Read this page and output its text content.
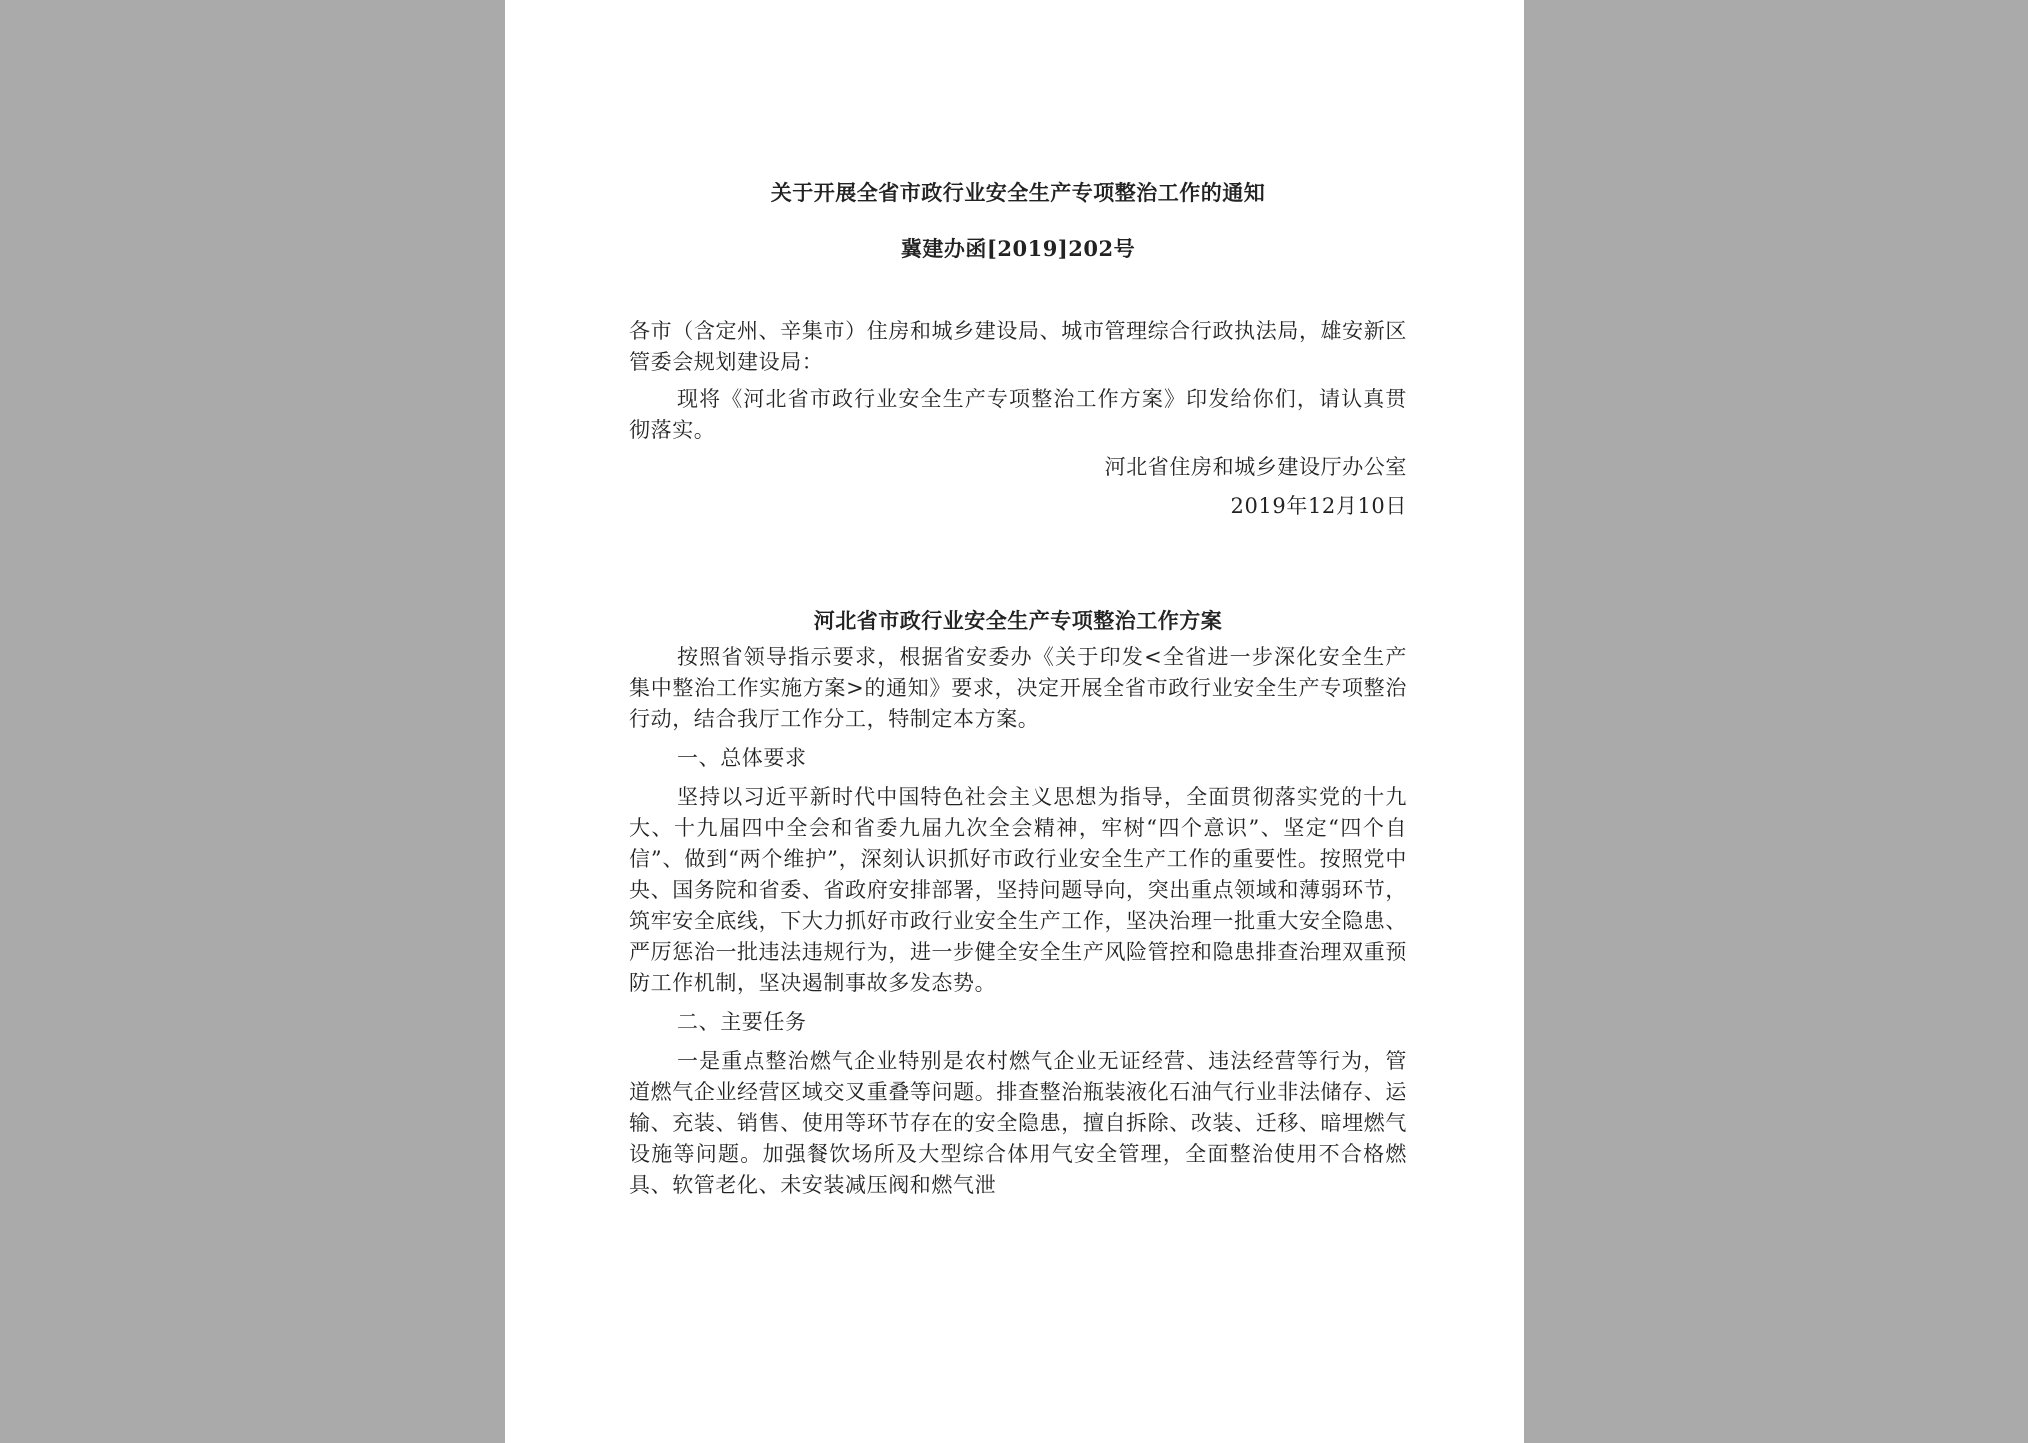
关于开展全省市政行业安全生产专项整治工作的通知

冀建办函[2019]202号

各市（含定州、辛集市）住房和城乡建设局、城市管理综合行政执法局，雄安新区管委会规划建设局：

现将《河北省市政行业安全生产专项整治工作方案》印发给你们，请认真贯彻落实。

河北省住房和城乡建设厅办公室

2019年12月10日

河北省市政行业安全生产专项整治工作方案

按照省领导指示要求，根据省安委办《关于印发<全省进一步深化安全生产集中整治工作实施方案>的通知》要求，决定开展全省市政行业安全生产专项整治行动，结合我厅工作分工，特制定本方案。

一、总体要求

坚持以习近平新时代中国特色社会主义思想为指导，全面贯彻落实党的十九大、十九届四中全会和省委九届九次全会精神，牢树“四个意识”、坚定“四个自信”、做到“两个维护”，深刻认识抓好市政行业安全生产工作的重要性。按照党中央、国务院和省委、省政府安排部署，坚持问题导向，突出重点领域和薄弱环节，筑牢安全底线，下大力抓好市政行业安全生产工作，坚决治理一批重大安全隐患、严厉惩治一批违法违规行为，进一步健全安全生产风险管控和隐患排查治理双重预防工作机制，坚决遏制事故多发态势。

二、主要任务

一是重点整治燃气企业特别是农村燃气企业无证经营、违法经营等行为，管道燃气企业经营区域交叉重叠等问题。排查整治瓶装液化石油气行业非法储存、运输、充装、销售、使用等环节存在的安全隐患，擅自拆除、改装、迁移、暗埋燃气设施等问题。加强餐饮场所及大型综合体用气安全管理，全面整治使用不合格燃具、软管老化、未安装减压阀和燃气泄
